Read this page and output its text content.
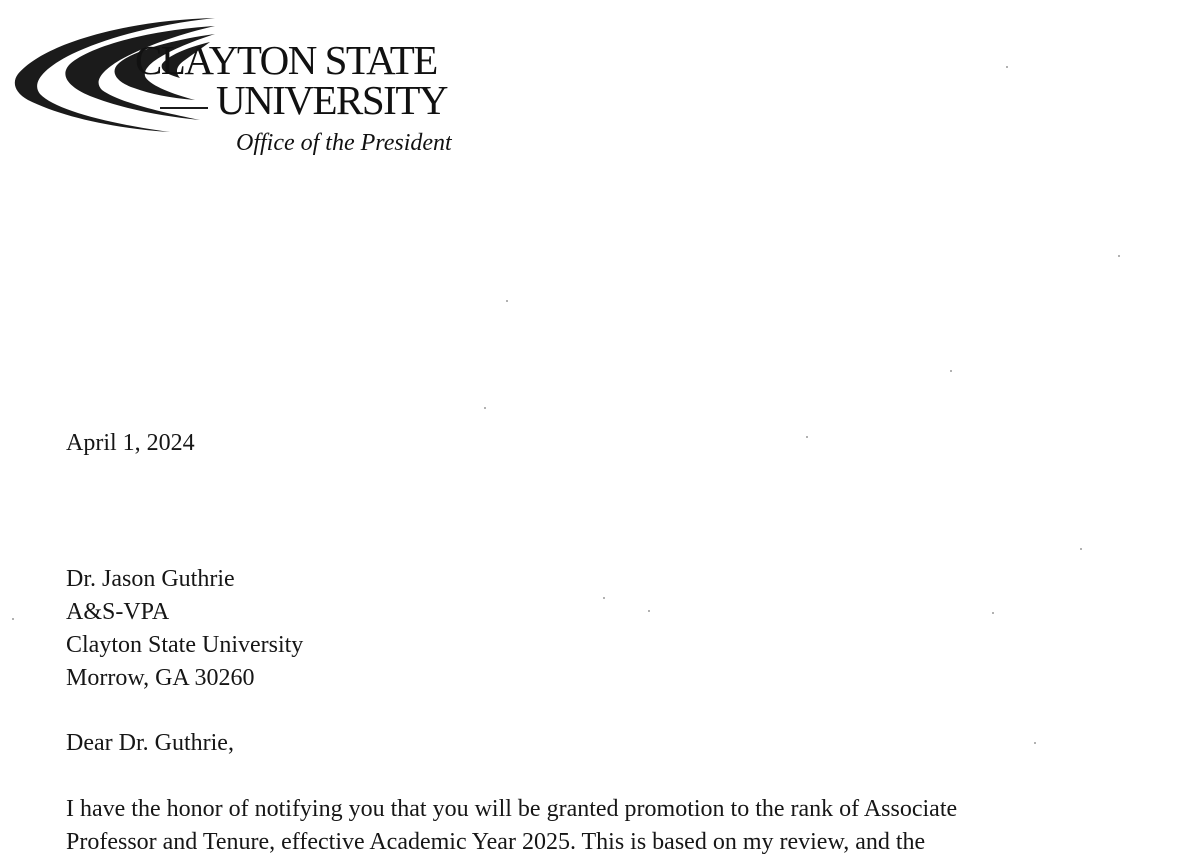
CLAYTON STATE
UNIVERSITY
Office of the President
April 1, 2024
Dr. Jason Guthrie
A&S-VPA
Clayton State University
Morrow, GA 30260
Dear Dr. Guthrie,
I have the honor of notifying you that you will be granted promotion to the rank of Associate
Professor and Tenure, effective Academic Year 2025. This is based on my review, and the
